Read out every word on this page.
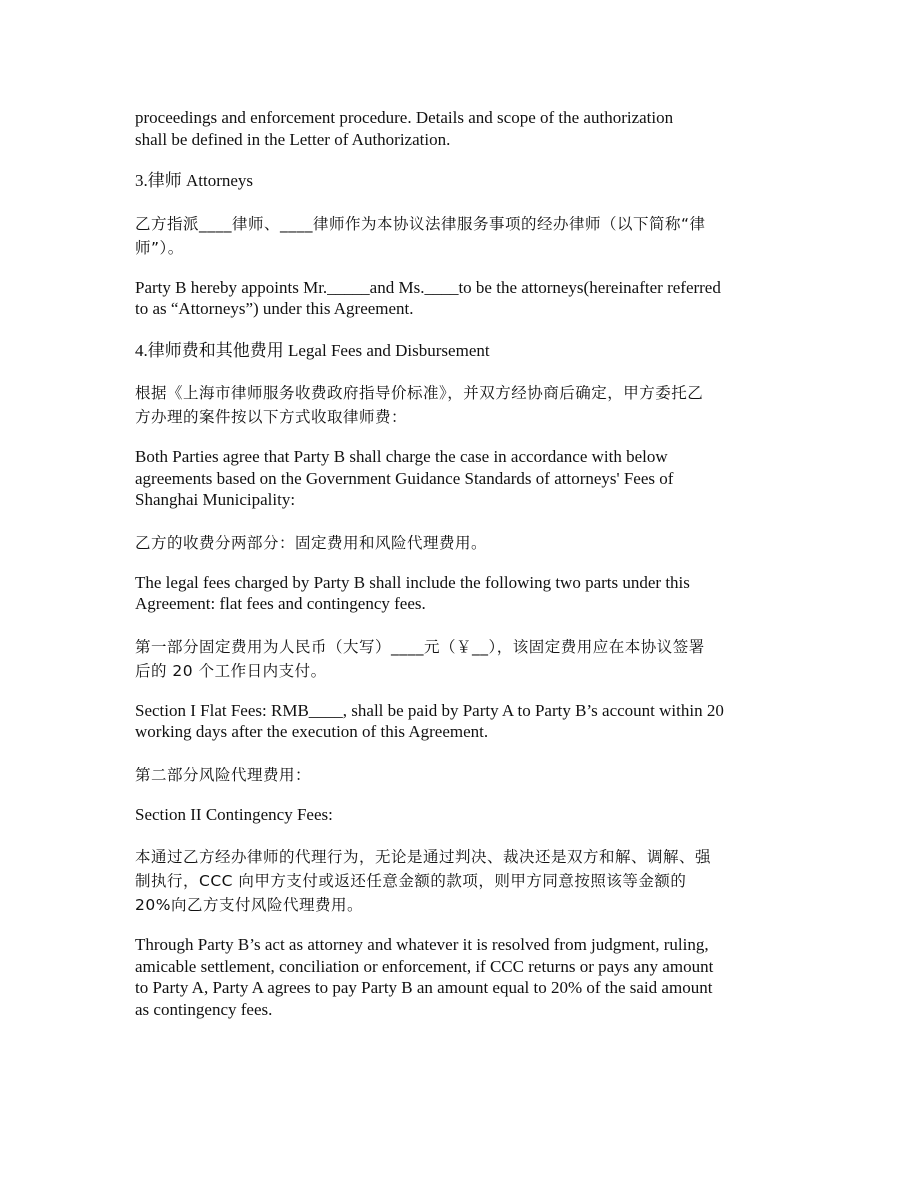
proceedings and enforcement procedure. Details and scope of the authorization
shall be defined in the Letter of Authorization.

3.律师 Attorneys

乙方指派____律师、____律师作为本协议法律服务事项的经办律师（以下简称“律
师”）。

Party B hereby appoints Mr._____and Ms.____to be the attorneys(hereinafter referred
to as “Attorneys”) under this Agreement.

4.律师费和其他费用 Legal Fees and Disbursement

根据《上海市律师服务收费政府指导价标准》，并双方经协商后确定，甲方委托乙
方办理的案件按以下方式收取律师费：

Both Parties agree that Party B shall charge the case in accordance with below
agreements based on the Government Guidance Standards of attorneys' Fees of
Shanghai Municipality:

乙方的收费分两部分：固定费用和风险代理费用。

The legal fees charged by Party B shall include the following two parts under this
Agreement: flat fees and contingency fees.

第一部分固定费用为人民币（大写）____元（￥__），该固定费用应在本协议签署
后的 20 个工作日内支付。

Section I Flat Fees: RMB____, shall be paid by Party A to Party B’s account within 20
working days after the execution of this Agreement.

第二部分风险代理费用：

Section II Contingency Fees:

本通过乙方经办律师的代理行为，无论是通过判决、裁决还是双方和解、调解、强
制执行，CCC 向甲方支付或返还任意金额的款项，则甲方同意按照该等金额的
20%向乙方支付风险代理费用。

Through Party B’s act as attorney and whatever it is resolved from judgment, ruling,
amicable settlement, conciliation or enforcement, if CCC returns or pays any amount
to Party A, Party A agrees to pay Party B an amount equal to 20% of the said amount
as contingency fees.
